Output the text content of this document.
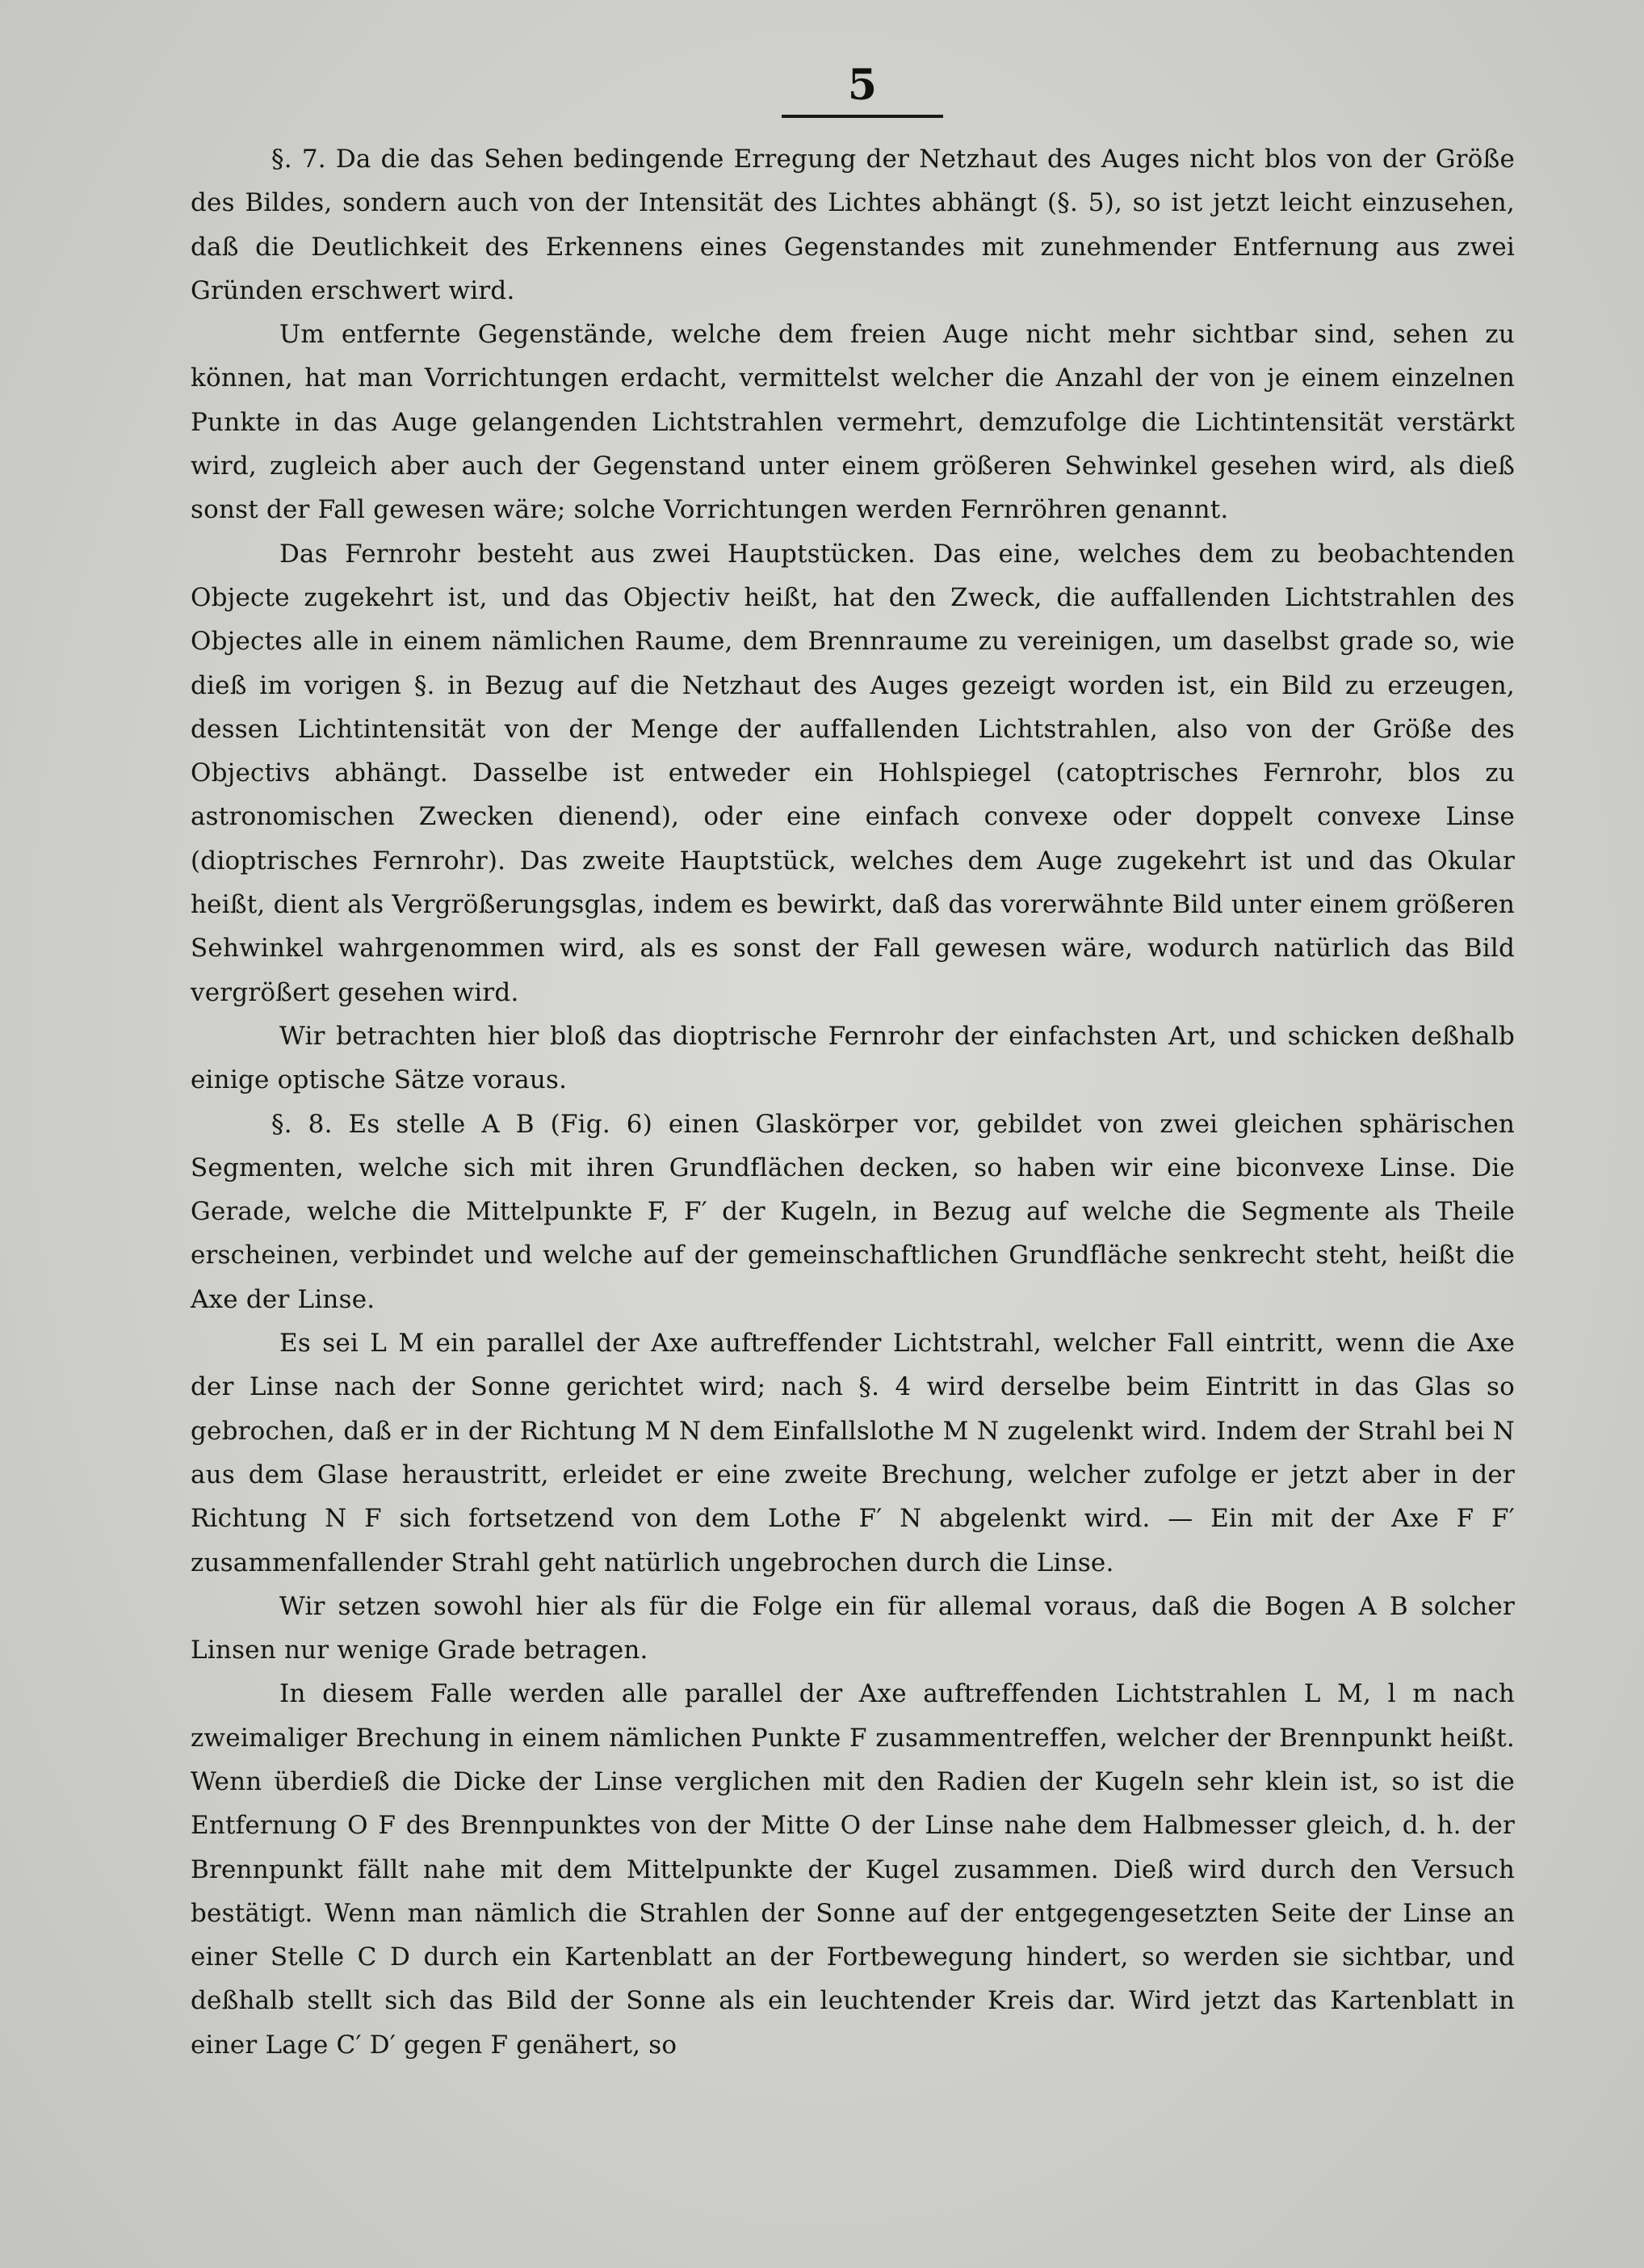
5

§. 7. Da die das Sehen bedingende Erregung der Netzhaut des Auges nicht blos von der Größe des Bildes, sondern auch von der Intensität des Lichtes abhängt (§. 5), so ist jetzt leicht einzusehen, daß die Deutlichkeit des Erkennens eines Gegenstandes mit zunehmender Entfernung aus zwei Gründen erschwert wird.

Um entfernte Gegenstände, welche dem freien Auge nicht mehr sichtbar sind, sehen zu können, hat man Vorrichtungen erdacht, vermittelst welcher die Anzahl der von je einem einzelnen Punkte in das Auge gelangenden Lichtstrahlen vermehrt, demzufolge die Lichtintensität verstärkt wird, zugleich aber auch der Gegenstand unter einem größeren Sehwinkel gesehen wird, als dieß sonst der Fall gewesen wäre; solche Vorrichtungen werden Fernröhren genannt.

Das Fernrohr besteht aus zwei Hauptstücken. Das eine, welches dem zu beobachtenden Objecte zugekehrt ist, und das Objectiv heißt, hat den Zweck, die auffallenden Lichtstrahlen des Objectes alle in einem nämlichen Raume, dem Brennraume zu vereinigen, um daselbst grade so, wie dieß im vorigen §. in Bezug auf die Netzhaut des Auges gezeigt worden ist, ein Bild zu erzeugen, dessen Lichtintensität von der Menge der auffallenden Lichtstrahlen, also von der Größe des Objectivs abhängt. Dasselbe ist entweder ein Hohlspiegel (catoptrisches Fernrohr, blos zu astronomischen Zwecken dienend), oder eine einfach convexe oder doppelt convexe Linse (dioptrisches Fernrohr). Das zweite Hauptstück, welches dem Auge zugekehrt ist und das Okular heißt, dient als Vergrößerungsglas, indem es bewirkt, daß das vorerwähnte Bild unter einem größeren Sehwinkel wahrgenommen wird, als es sonst der Fall gewesen wäre, wodurch natürlich das Bild vergrößert gesehen wird.

Wir betrachten hier bloß das dioptrische Fernrohr der einfachsten Art, und schicken deßhalb einige optische Sätze voraus.

§. 8. Es stelle A B (Fig. 6) einen Glaskörper vor, gebildet von zwei gleichen sphärischen Segmenten, welche sich mit ihren Grundflächen decken, so haben wir eine biconvexe Linse. Die Gerade, welche die Mittelpunkte F, F′ der Kugeln, in Bezug auf welche die Segmente als Theile erscheinen, verbindet und welche auf der gemeinschaftlichen Grundfläche senkrecht steht, heißt die Axe der Linse.

Es sei L M ein parallel der Axe auftreffender Lichtstrahl, welcher Fall eintritt, wenn die Axe der Linse nach der Sonne gerichtet wird; nach §. 4 wird derselbe beim Eintritt in das Glas so gebrochen, daß er in der Richtung M N dem Einfallslothe M N zugelenkt wird. Indem der Strahl bei N aus dem Glase heraustritt, erleidet er eine zweite Brechung, welcher zufolge er jetzt aber in der Richtung N F sich fortsetzend von dem Lothe F′ N abgelenkt wird. — Ein mit der Axe F F′ zusammenfallender Strahl geht natürlich ungebrochen durch die Linse.

Wir setzen sowohl hier als für die Folge ein für allemal voraus, daß die Bogen A B solcher Linsen nur wenige Grade betragen.

In diesem Falle werden alle parallel der Axe auftreffenden Lichtstrahlen L M, l m nach zweimaliger Brechung in einem nämlichen Punkte F zusammentreffen, welcher der Brennpunkt heißt. Wenn überdieß die Dicke der Linse verglichen mit den Radien der Kugeln sehr klein ist, so ist die Entfernung O F des Brennpunktes von der Mitte O der Linse nahe dem Halbmesser gleich, d. h. der Brennpunkt fällt nahe mit dem Mittelpunkte der Kugel zusammen. Dieß wird durch den Versuch bestätigt. Wenn man nämlich die Strahlen der Sonne auf der entgegengesetzten Seite der Linse an einer Stelle C D durch ein Kartenblatt an der Fortbewegung hindert, so werden sie sichtbar, und deßhalb stellt sich das Bild der Sonne als ein leuchtender Kreis dar. Wird jetzt das Kartenblatt in einer Lage C′ D′ gegen F genähert, so
